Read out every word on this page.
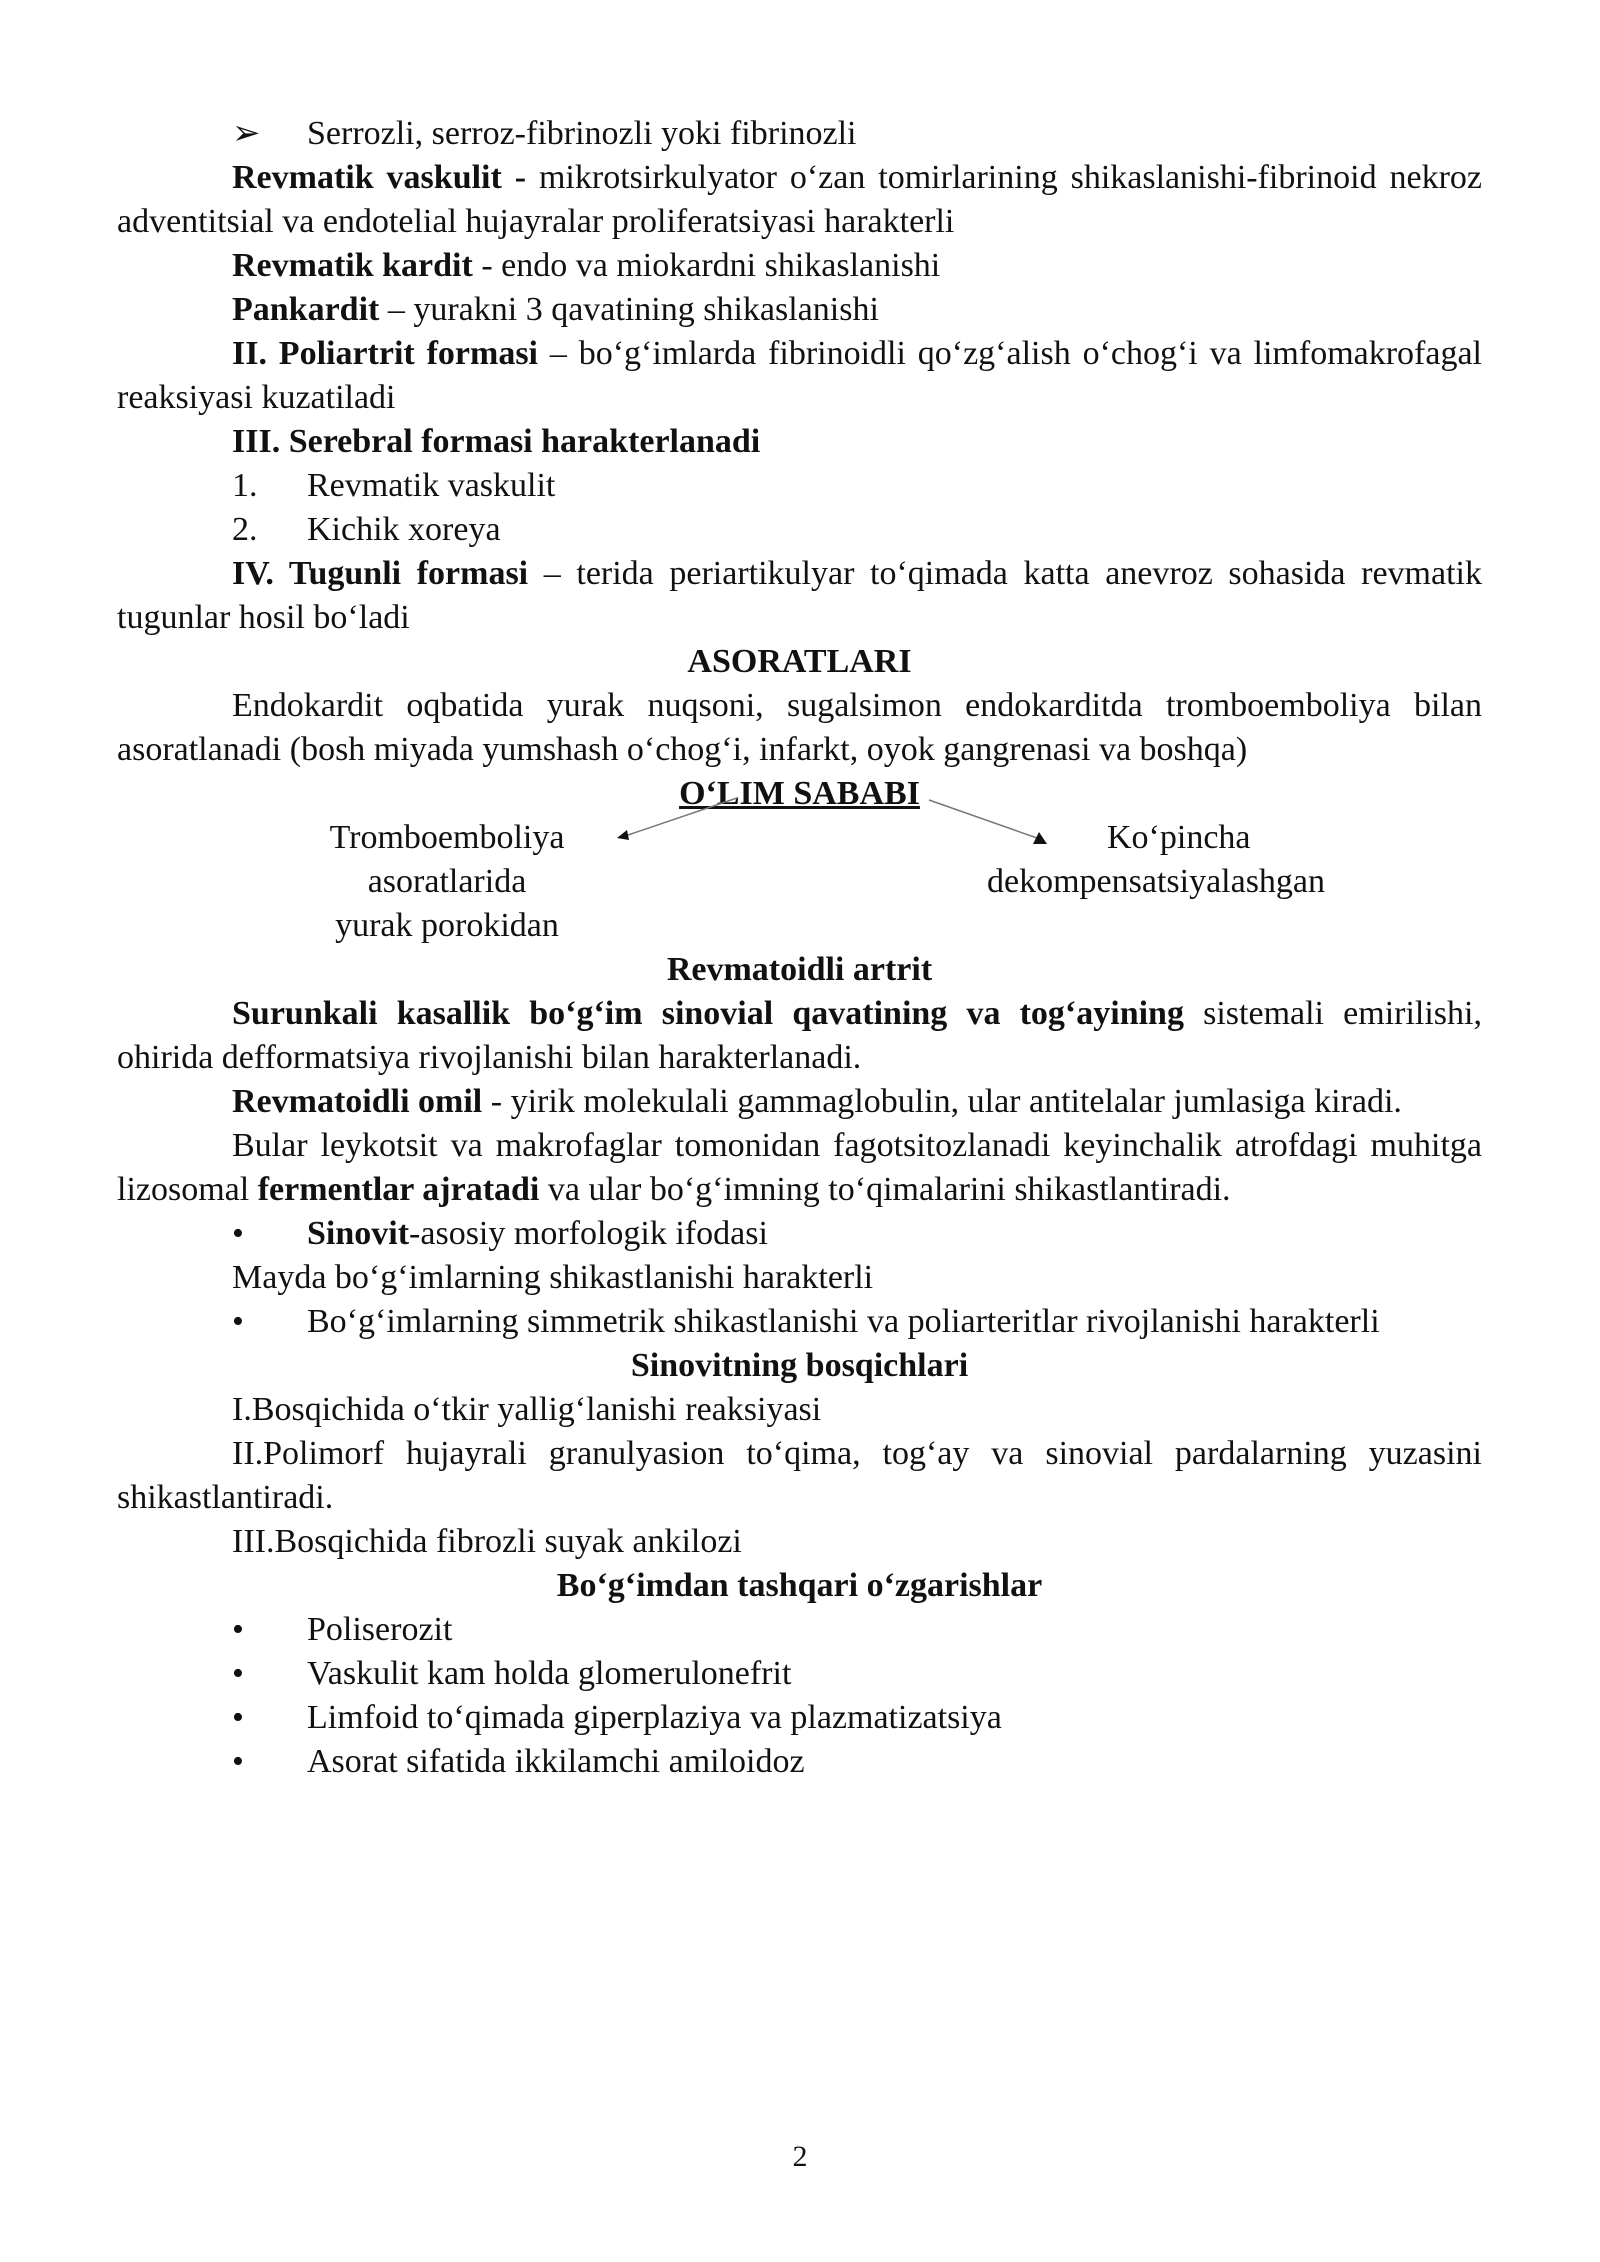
➢ Serrozli, serroz-fibrinozli yoki fibrinozli

Revmatik vaskulit - mikrotsirkulyator o‘zan tomirlarining shikaslanishi-fibrinoid nekroz adventitsial va endotelial hujayralar proliferatsiyasi harakterli

Revmatik kardit - endo va miokardni shikaslanishi

Pankardit – yurakni 3 qavatining shikaslanishi

II. Poliartrit formasi – bo‘g‘imlarda fibrinoidli qo‘zg‘alish o‘chog‘i va limfomakrofagal reaksiyasi kuzatiladi

III. Serebral formasi harakterlanadi

1. Revmatik vaskulit
2. Kichik xoreya

IV. Tugunli formasi – terida periartikulyar to‘qimada katta anevroz sohasida revmatik tugunlar hosil bo‘ladi

ASORATLARI

Endokardit oqbatida yurak nuqsoni, sugalsimon endokarditda tromboemboliya bilan asoratlanadi (bosh miyada yumshash o‘chog‘i, infarkt, oyok gangrenasi va boshqa)

O‘LIM SABABI

Tromboemboliya
asoratlarida
yurak porokidan
Ko‘pincha
dekompensatsiyalashgan

Revmatoidli artrit

Surunkali kasallik bo‘g‘im sinovial qavatining va tog‘ayining sistemali emirilishi, ohirida defformatsiya rivojlanishi bilan harakterlanadi.

Revmatoidli omil - yirik molekulali gammaglobulin, ular antitelalar jumlasiga kiradi.

Bular leykotsit va makrofaglar tomonidan fagotsitozlanadi keyinchalik atrofdagi muhitga lizosomal fermentlar ajratadi va ular bo‘g‘imning to‘qimalarini shikastlantiradi.

• Sinovit-asosiy morfologik ifodasi

Mayda bo‘g‘imlarning shikastlanishi harakterli

• Bo‘g‘imlarning simmetrik shikastlanishi va poliarteritlar rivojlanishi harakterli

Sinovitning bosqichlari

I.Bosqichida o‘tkir yallig‘lanishi reaksiyasi

II.Polimorf hujayrali granulyasion to‘qima, tog‘ay va sinovial pardalarning yuzasini shikastlantiradi.

III.Bosqichida fibrozli suyak ankilozi

Bo‘g‘imdan tashqari o‘zgarishlar

• Poliserozit
• Vaskulit kam holda glomerulonefrit
• Limfoid to‘qimada giperplaziya va plazmatizatsiya
• Asorat sifatida ikkilamchi amiloidoz
2
